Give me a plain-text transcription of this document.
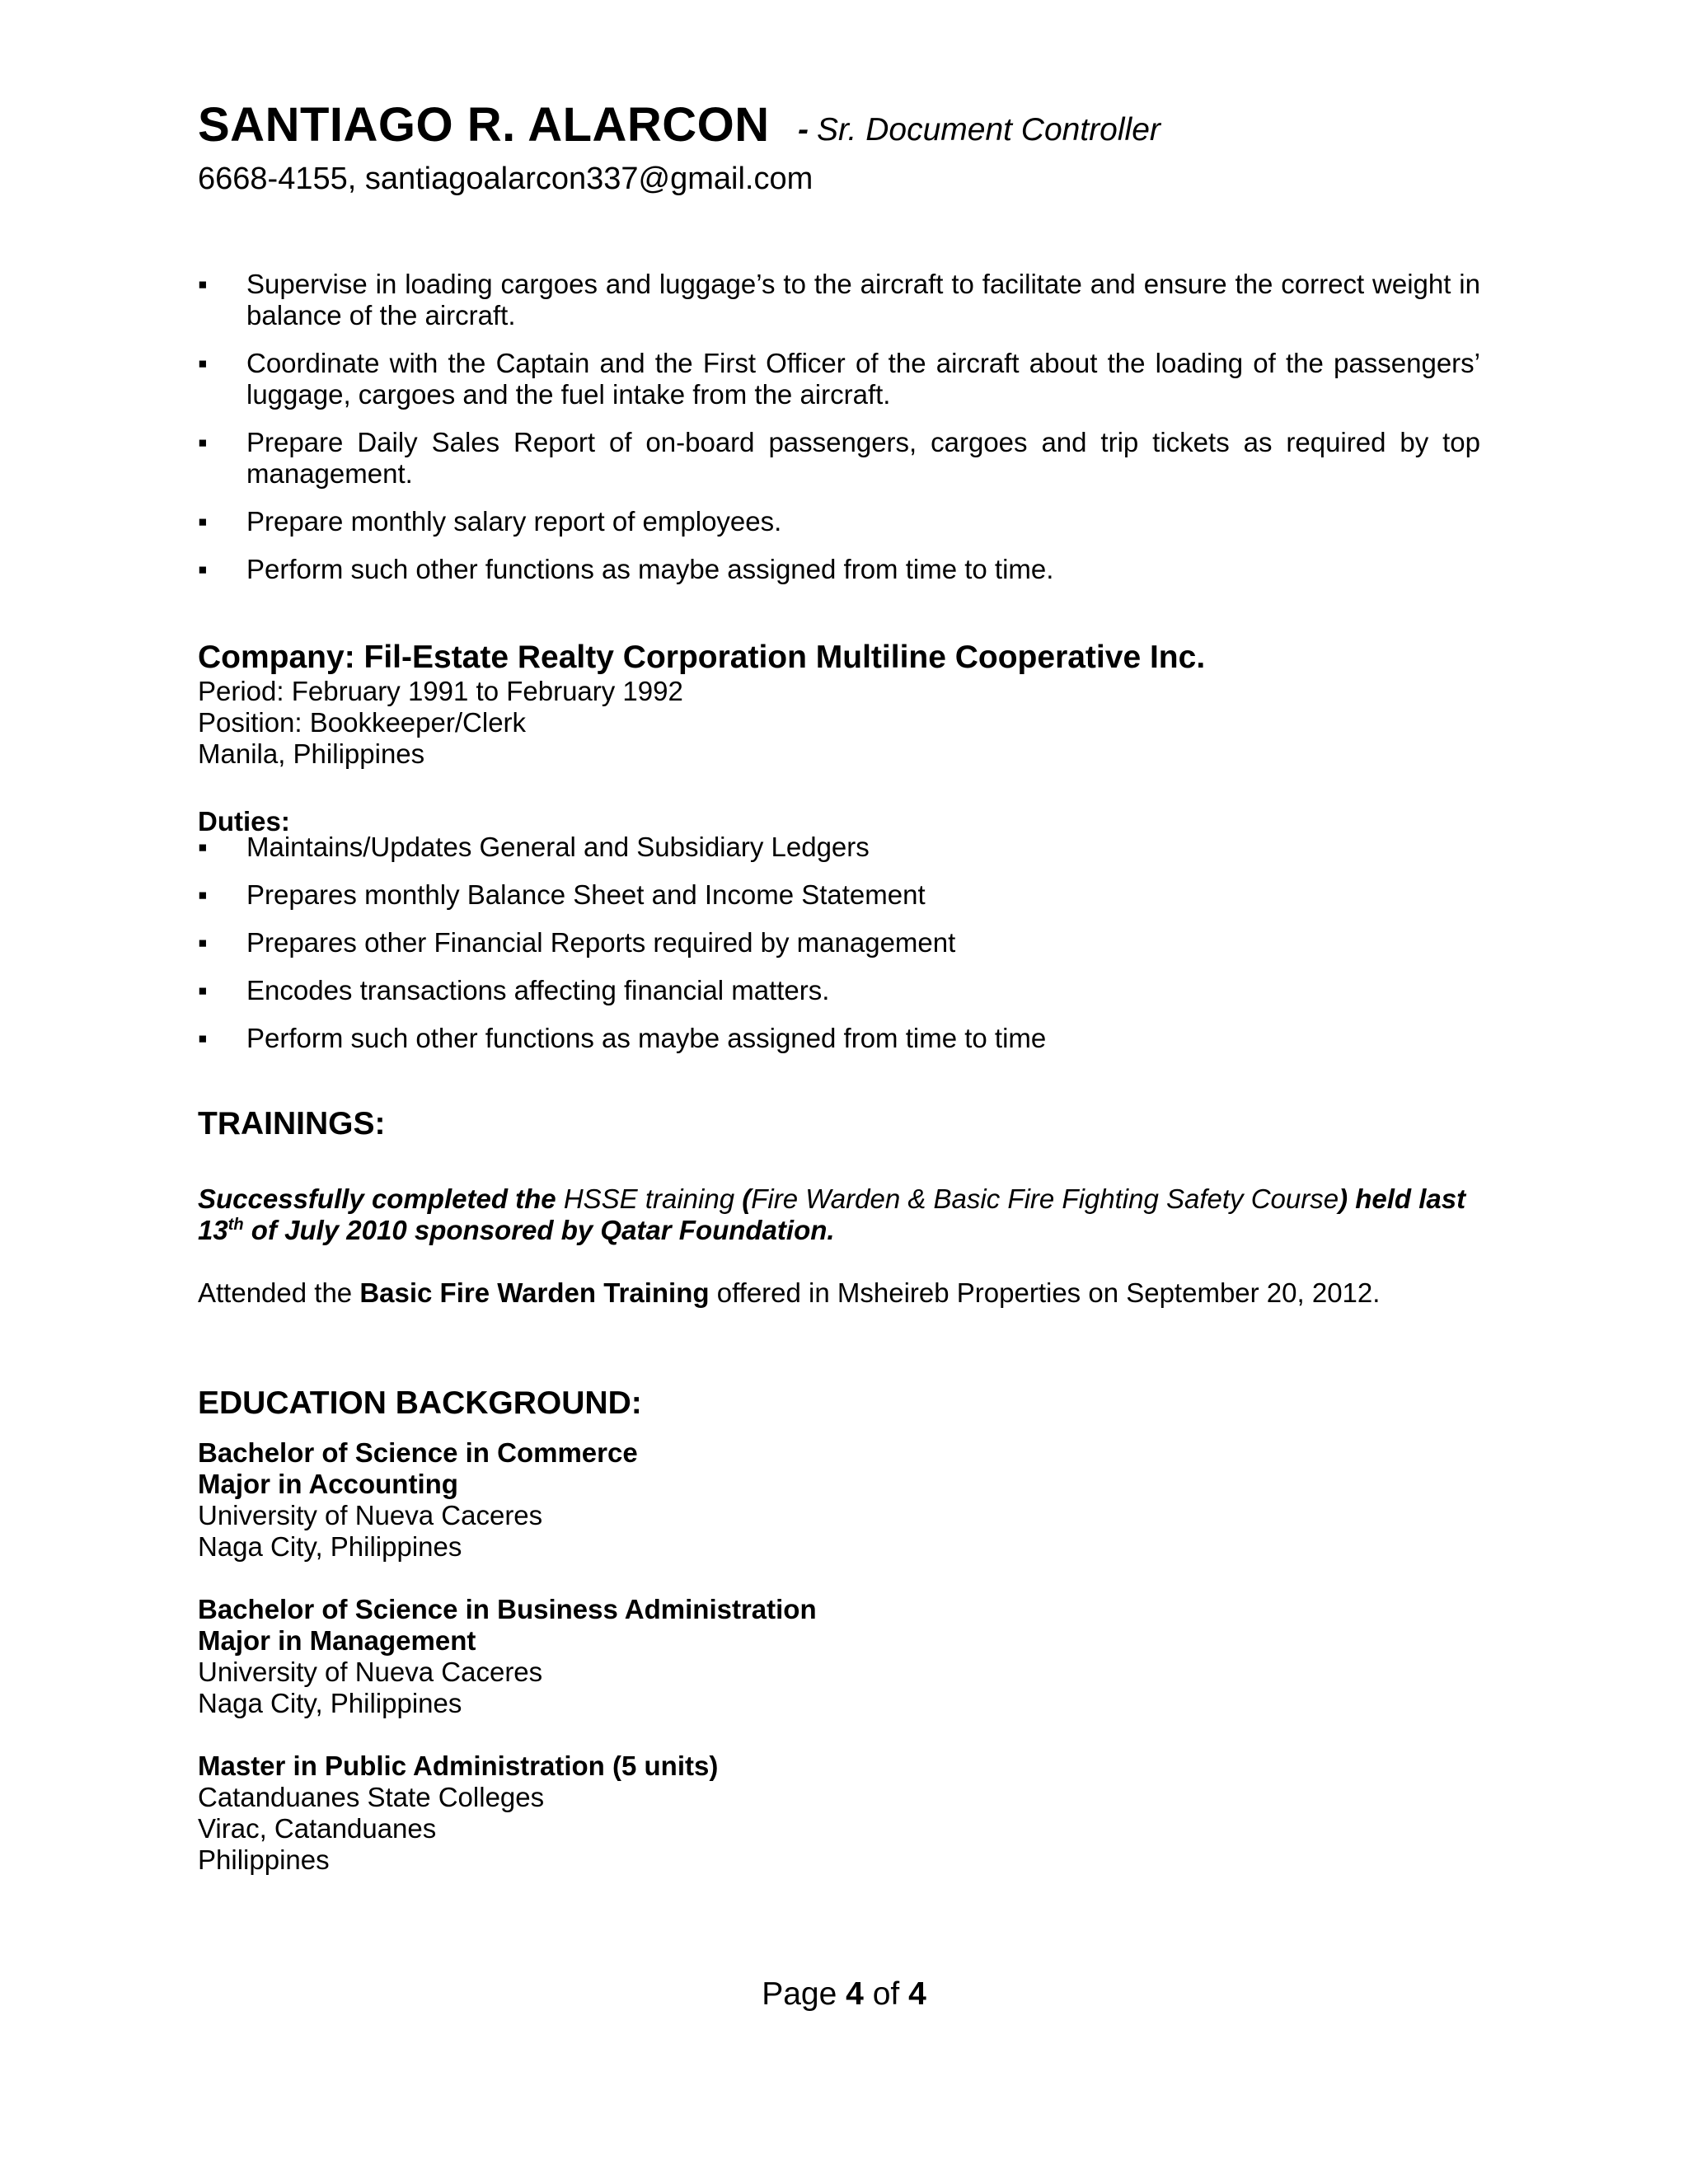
SANTIAGO R. ALARCON - Sr. Document Controller
6668-4155, santiagoalarcon337@gmail.com
▪	Supervise in loading cargoes and luggage’s to the aircraft to facilitate and ensure the correct weight in balance of the aircraft.
▪	Coordinate with the Captain and the First Officer of the aircraft about the loading of the passengers’ luggage, cargoes and the fuel intake from the aircraft.
▪	Prepare Daily Sales Report of on-board passengers, cargoes and trip tickets as required by top management.
▪	Prepare monthly salary report of employees.
▪	Perform such other functions as maybe assigned from time to time.
Company: Fil-Estate Realty Corporation Multiline Cooperative Inc.
Period: February 1991 to February 1992
Position: Bookkeeper/Clerk
Manila, Philippines
Duties:
▪	Maintains/Updates General and Subsidiary Ledgers
▪	Prepares monthly Balance Sheet and Income Statement
▪	Prepares other Financial Reports required by management
▪	Encodes transactions affecting financial matters.
▪	Perform such other functions as maybe assigned from time to time
TRAININGS:
Successfully completed the HSSE training (Fire Warden & Basic Fire Fighting Safety Course) held last 13th of July 2010 sponsored by Qatar Foundation.
Attended the Basic Fire Warden Training offered in Msheireb Properties on September 20, 2012.
EDUCATION BACKGROUND:
Bachelor of Science in Commerce
Major in Accounting
University of Nueva Caceres
Naga City, Philippines
Bachelor of Science in Business Administration
Major in Management
University of Nueva Caceres
Naga City, Philippines
Master in Public Administration (5 units)
Catanduanes State Colleges
Virac, Catanduanes
Philippines
Page 4 of 4
